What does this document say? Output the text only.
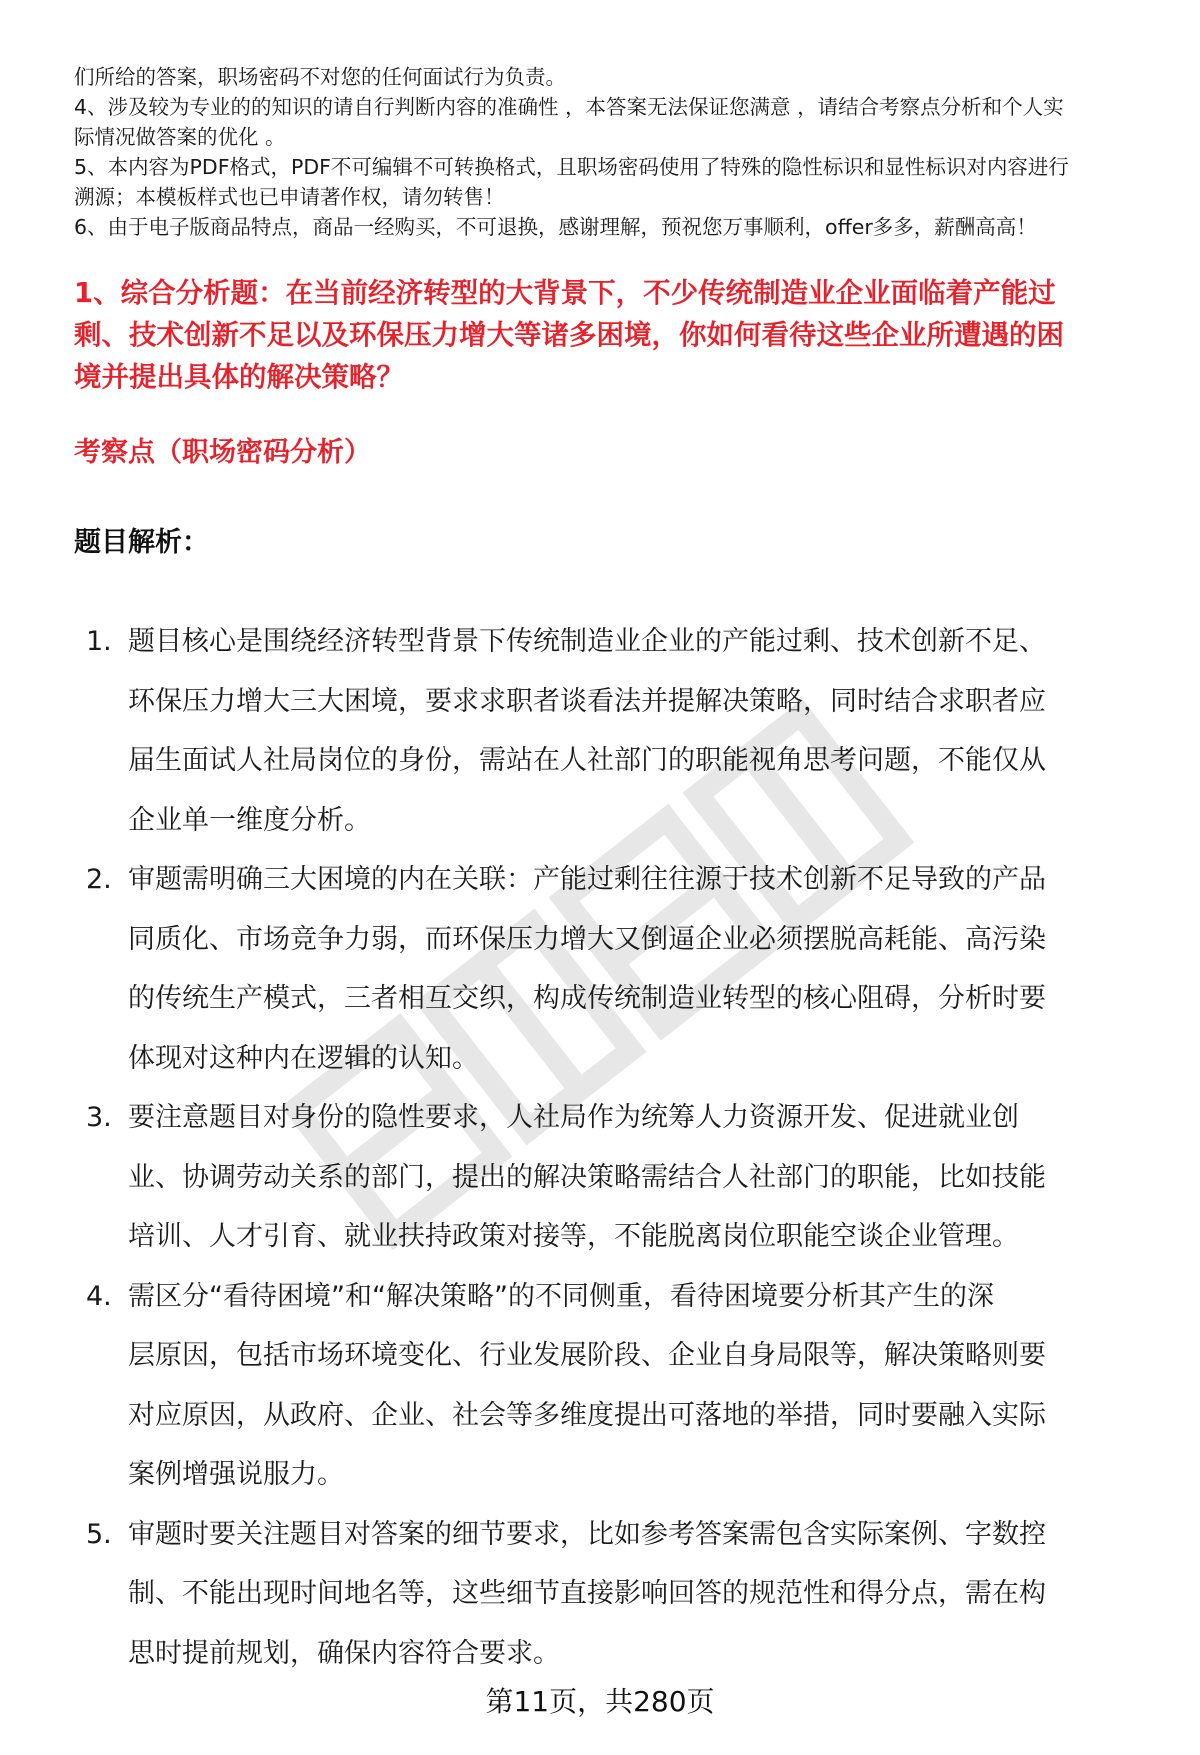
们所给的答案，职场密码不对您的任何面试行为负责。

4、涉及较为专业的的知识的请自行判断内容的准确性 ，本答案无法保证您满意 ，请结合考察点分析和个人实

际情况做答案的优化 。

5、本内容为PDF格式，PDF不可编辑不可转换格式，且职场密码使用了特殊的隐性标识和显性标识对内容进行

溯源；本模板样式也已申请著作权，请勿转售！

6、由于电子版商品特点，商品一经购买，不可退换，感谢理解，预祝您万事顺利，offer多多，薪酬高高！

1、综合分析题：在当前经济转型的大背景下，不少传统制造业企业面临着产能过
剩、技术创新不足以及环保压力增大等诸多困境，你如何看待这些企业所遭遇的困
境并提出具体的解决策略？
考察点（职场密码分析）
题目解析：
1. 题目核心是围绕经济转型背景下传统制造业企业的产能过剩、技术创新不足、
环保压力增大三大困境，要求求职者谈看法并提解决策略，同时结合求职者应
届生面试人社局岗位的身份，需站在人社部门的职能视角思考问题，不能仅从
企业单一维度分析。
2. 审题需明确三大困境的内在关联：产能过剩往往源于技术创新不足导致的产品
同质化、市场竞争力弱，而环保压力增大又倒逼企业必须摆脱高耗能、高污染
的传统生产模式，三者相互交织，构成传统制造业转型的核心阻碍，分析时要
体现对这种内在逻辑的认知。
3. 要注意题目对身份的隐性要求，人社局作为统筹人力资源开发、促进就业创
业、协调劳动关系的部门，提出的解决策略需结合人社部门的职能，比如技能
培训、人才引育、就业扶持政策对接等，不能脱离岗位职能空谈企业管理。
4. 需区分“看待困境”和“解决策略”的不同侧重，看待困境要分析其产生的深
层原因，包括市场环境变化、行业发展阶段、企业自身局限等，解决策略则要
对应原因，从政府、企业、社会等多维度提出可落地的举措，同时要融入实际
案例增强说服力。
5. 审题时要关注题目对答案的细节要求，比如参考答案需包含实际案例、字数控
制、不能出现时间地名等，这些细节直接影响回答的规范性和得分点，需在构
思时提前规划，确保内容符合要求。
第11页，共280页
